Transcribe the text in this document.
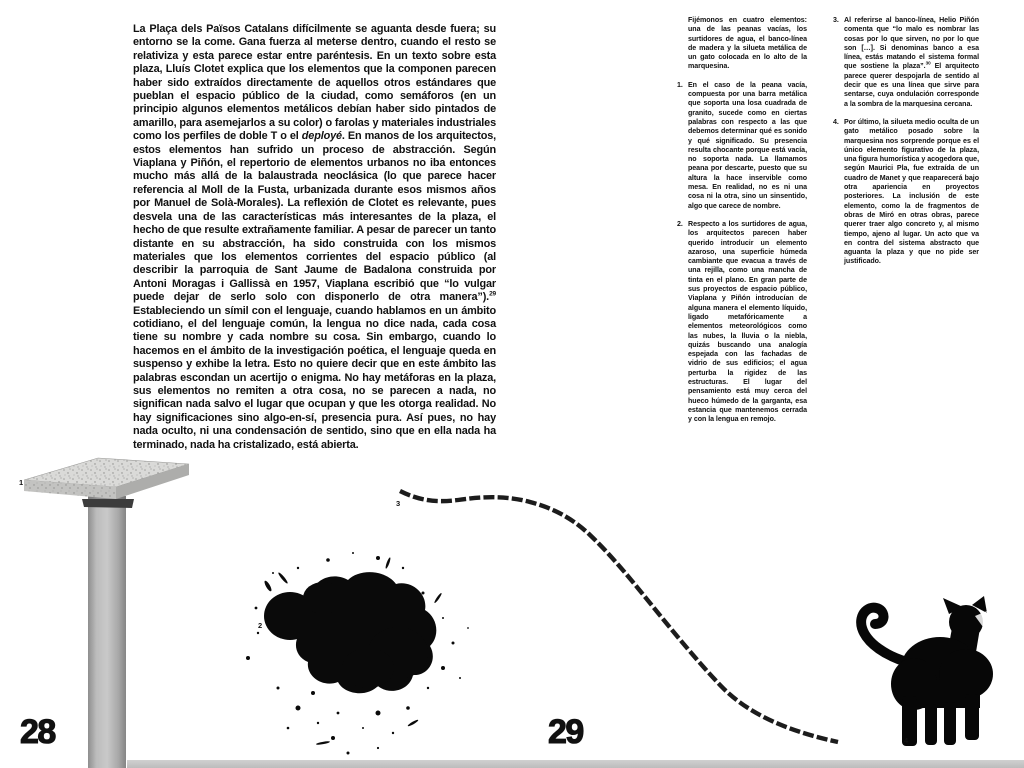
La Plaça dels Països Catalans difícilmente se aguanta desde fuera; su entorno se la come. Gana fuerza al meterse dentro, cuando el resto se relativiza y esta parece estar entre paréntesis. En un texto sobre esta plaza, Lluís Clotet explica que los elementos que la componen parecen haber sido extraídos directamente de aquellos otros estándares que pueblan el espacio público de la ciudad, como semáforos (en un principio algunos elementos metálicos debían haber sido pintados de amarillo, para asemejarlos a su color) o farolas y materiales industriales como los perfiles de doble T o el deployé. En manos de los arquitectos, estos elementos han sufrido un proceso de abstracción. Según Viaplana y Piñón, el repertorio de elementos urbanos no iba entonces mucho más allá de la balaustrada neoclásica (lo que parece hacer referencia al Moll de la Fusta, urbanizada durante esos mismos años por Manuel de Solà-Morales). La reflexión de Clotet es relevante, pues desvela una de las características más interesantes de la plaza, el hecho de que resulte extrañamente familiar. A pesar de parecer un tanto distante en su abstracción, ha sido construida con los mismos materiales que los elementos corrientes del espacio público (al describir la parroquia de Sant Jaume de Badalona construida por Antoni Moragas i Gallissà en 1957, Viaplana escribió que “lo vulgar puede dejar de serlo solo con disponerlo de otra manera”).$^{29}$ Estableciendo un símil con el lenguaje, cuando hablamos en un ámbito cotidiano, el del lenguaje común, la lengua no dice nada, cada cosa tiene su nombre y cada nombre su cosa. Sin embargo, cuando lo hacemos en el ámbito de la investigación poética, el lenguaje queda en suspenso y exhibe la letra. Esto no quiere decir que en este ámbito las palabras escondan un acertijo o enigma. No hay metáforas en la plaza, sus elementos no remiten a otra cosa, no se parecen a nada, no significan nada salvo el lugar que ocupan y que les otorga realidad. No hay significaciones sino algo-en-sí, presencia pura. Así pues, no hay nada oculto, ni una condensación de sentido, sino que en ella nada ha terminado, nada ha cristalizado, está abierta.

Fijémonos en cuatro elementos: una de las peanas vacías, los surtidores de agua, el banco-línea de madera y la silueta metálica de un gato colocada en lo alto de la marquesina.

1. En el caso de la peana vacía, compuesta por una barra metálica que soporta una losa cuadrada de granito, sucede como en ciertas palabras con respecto a las que debemos determinar qué es sonido y qué significado. Su presencia resulta chocante porque está vacía, no soporta nada. La llamamos peana por descarte, puesto que su altura la hace inservible como mesa. En realidad, no es ni una cosa ni la otra, sino un sinsentido, algo que carece de nombre.
2. Respecto a los surtidores de agua, los arquitectos parecen haber querido introducir un elemento azaroso, una superficie húmeda cambiante que evacua a través de una rejilla, como una mancha de tinta en el plano. En gran parte de sus proyectos de espacio público, Viaplana y Piñón introducían de alguna manera el elemento líquido, ligado metafóricamente a elementos meteorológicos como las nubes, la lluvia o la niebla, quizás buscando una analogía espejada con las fachadas de vidrio de sus edificios; el agua perturba la rigidez de las estructuras. El lugar del pensamiento está muy cerca del hueco húmedo de la garganta, esa estancia que mantenemos cerrada y con la lengua en remojo.
3. Al referirse al banco-línea, Helio Piñón comenta que “lo malo es nombrar las cosas por lo que sirven, no por lo que son […]. Si denominas banco a esa línea, estás matando el sistema formal que sostiene la plaza”.$^{30}$ El arquitecto parece querer despojarla de sentido al decir que es una línea que sirve para sentarse, cuya ondulación corresponde a la sombra de la marquesina cercana.
4. Por último, la silueta medio oculta de un gato metálico posado sobre la marquesina nos sorprende porque es el único elemento figurativo de la plaza, una figura humorística y acogedora que, según Maurici Pla, fue extraída de un cuadro de Manet y que reaparecerá bajo otra apariencia en proyectos posteriores. La inclusión de este elemento, como la de fragmentos de obras de Miró en otras obras, parece querer traer algo concreto y, al mismo tiempo, ajeno al lugar. Un acto que va en contra del sistema abstracto que aguanta la plaza y que no pide ser justificado.
1
2
3
4
28	29
